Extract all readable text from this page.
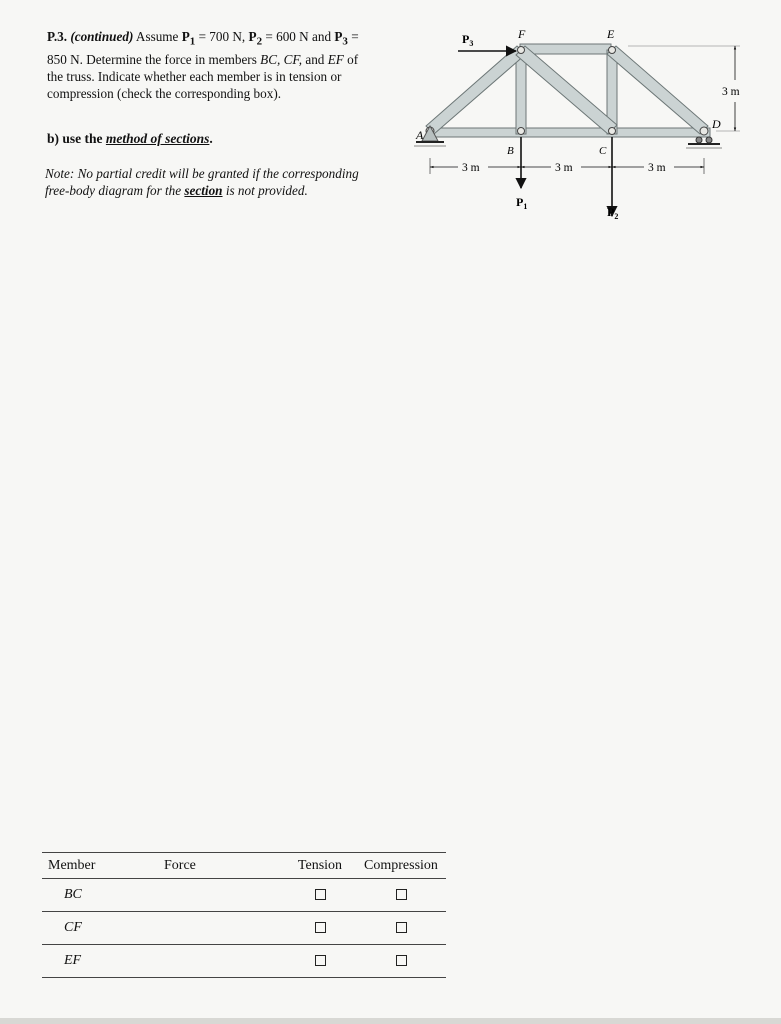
P.3. (continued) Assume $P_1 = 700$ N, $P_2 = 600$ N and $P_3 = 850$ N. Determine the force in members BC, CF, and EF of the truss. Indicate whether each member is in tension or compression (check the corresponding box).

b) use the method of sections.
Note: No partial credit will be granted if the corresponding free-body diagram for the section is not provided.
$P_3$
$P_1$	$P_2$
A
B	C
D
E
F
3 m	3 m	3 m
3 m
Member	Force	Tension	Compression
BC			
CF			
EF			
